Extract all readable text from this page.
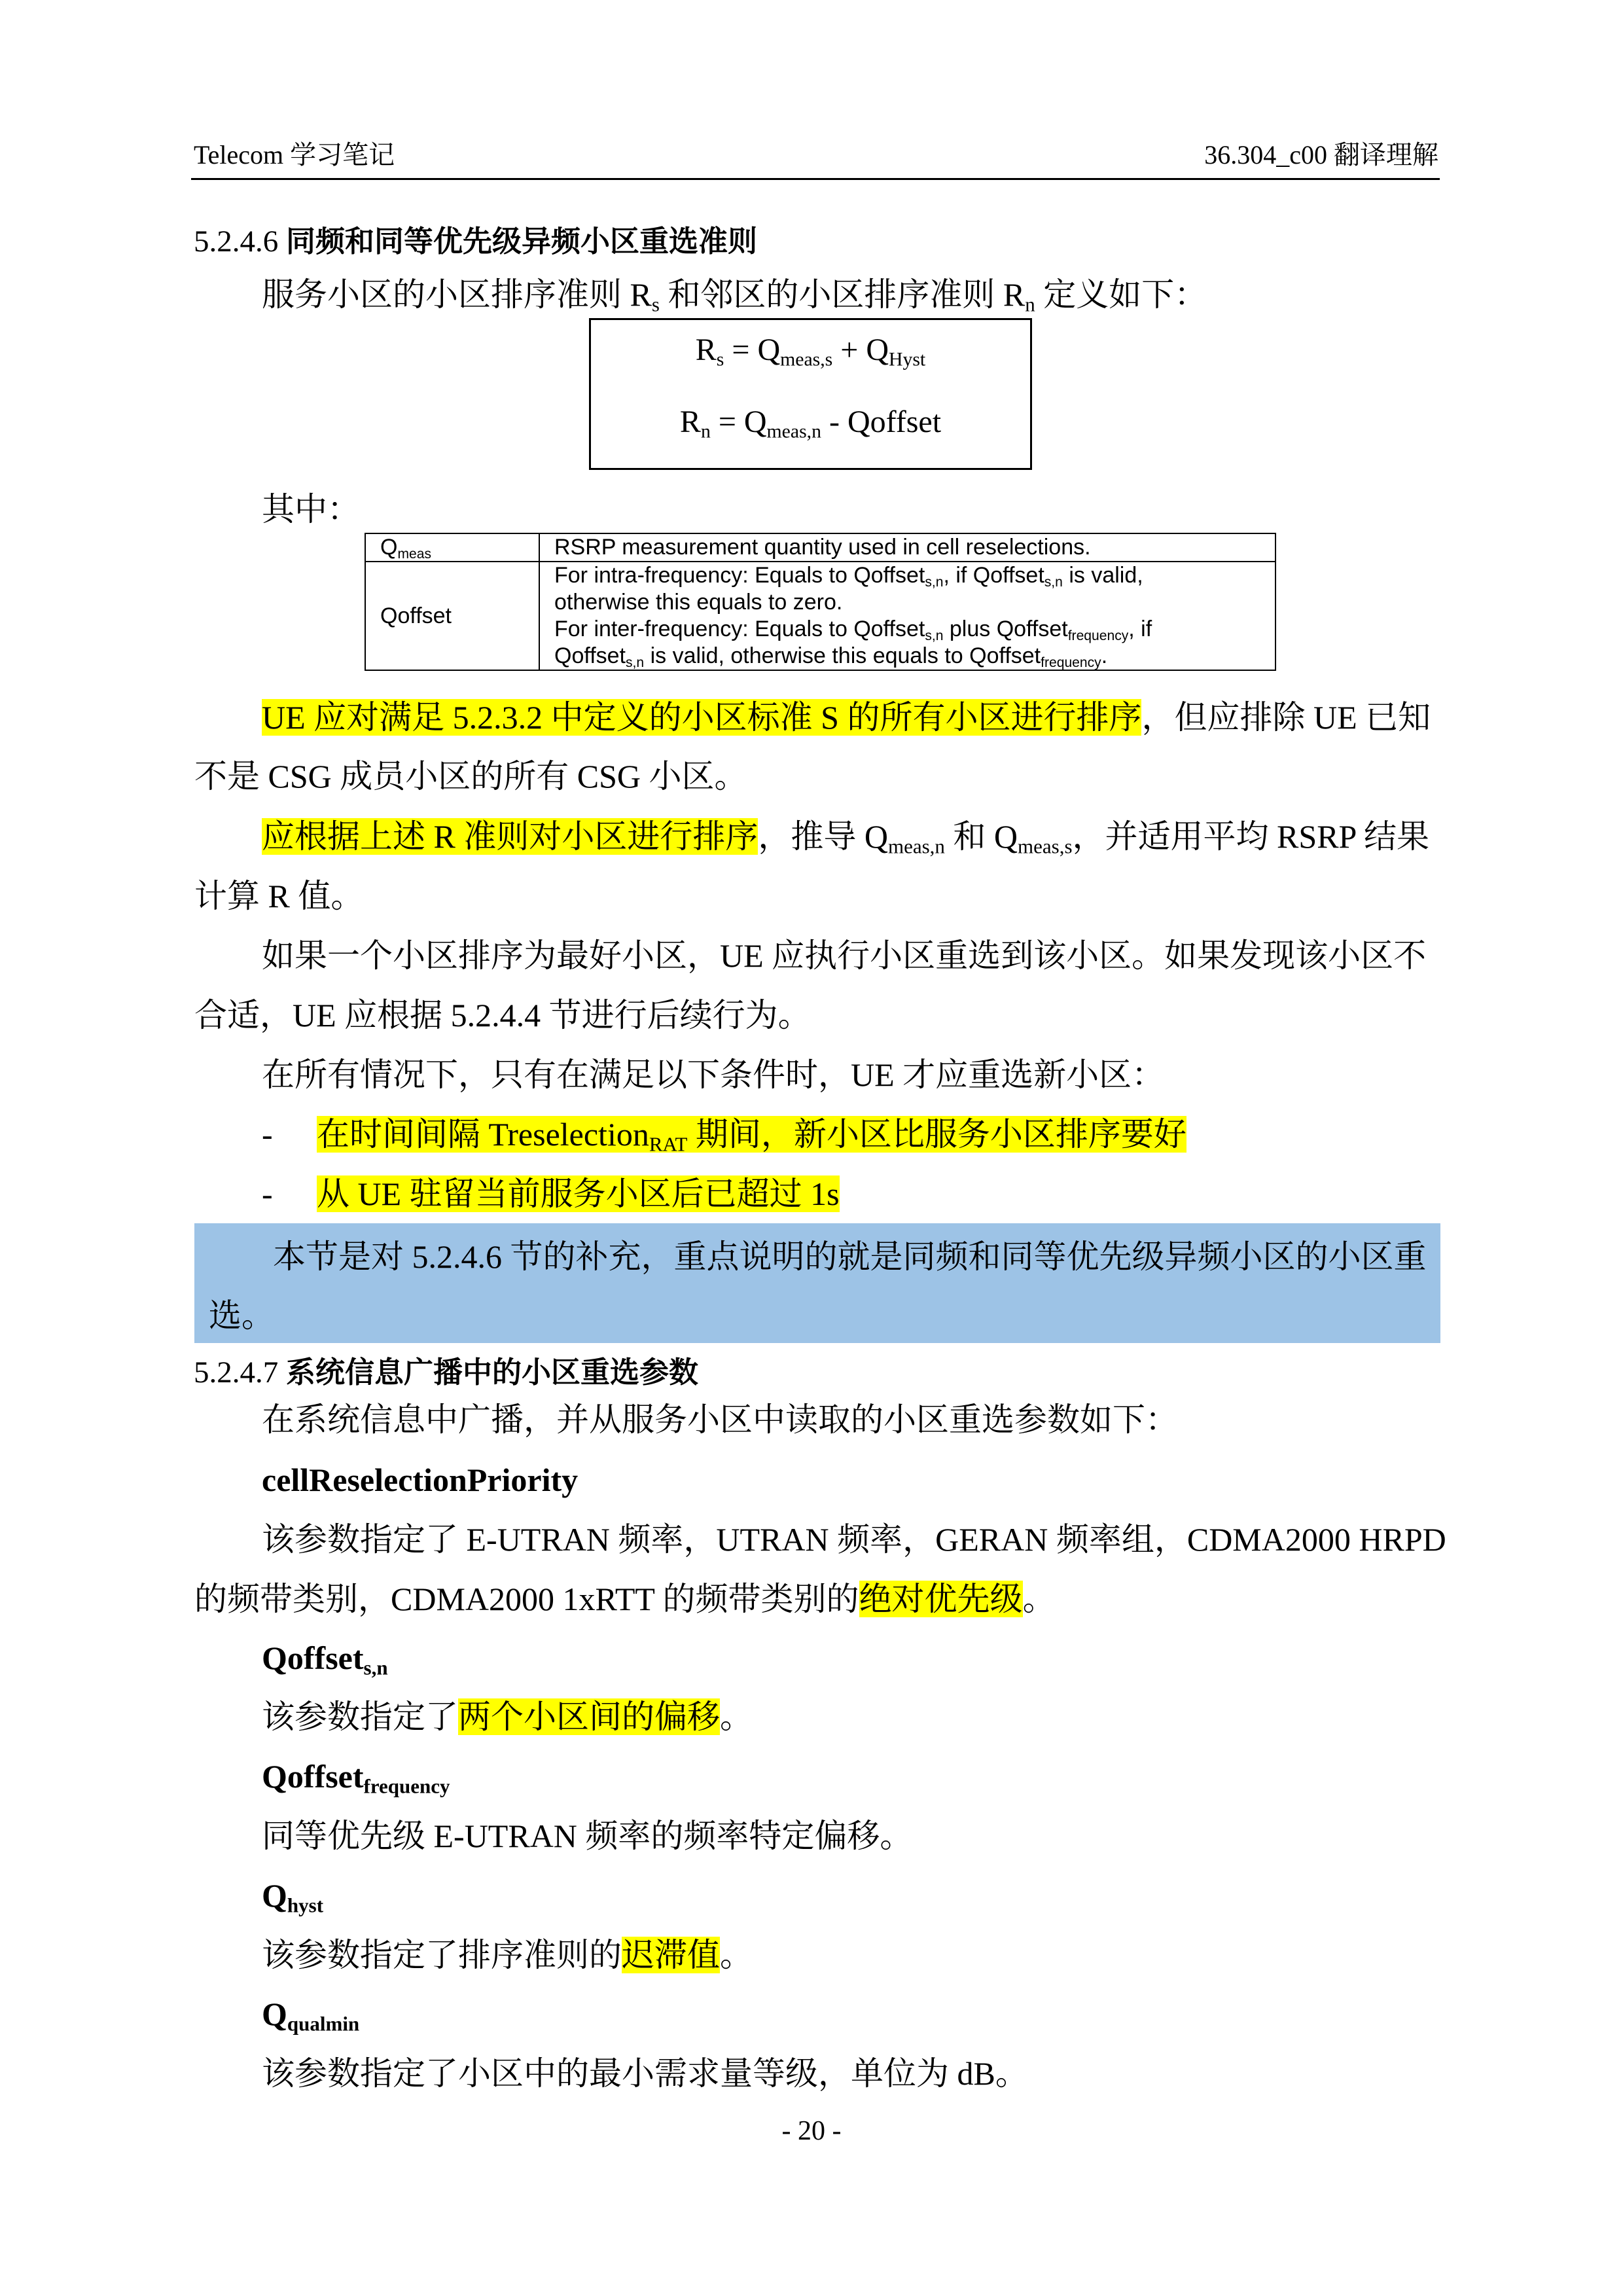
Telecom 学习笔记	36.304_c00 翻译理解
5.2.4.6 同频和同等优先级异频小区重选准则
服务小区的小区排序准则 $R_s$ 和邻区的小区排序准则 $R_n$ 定义如下：
$R_s = Q_{meas,s} + Q_{Hyst}$
$R_n = Q_{meas,n}$ - Qoffset
其中：
$Q_{meas}$	RSRP measurement quantity used in cell reselections.
Qoffset	For intra-frequency: Equals to Qoffset$_{s,n}$, if Qoffset$_{s,n}$ is valid,
otherwise this equals to zero.
For inter-frequency: Equals to Qoffset$_{s,n}$ plus Qoffset$_{frequency}$, if
Qoffset$_{s,n}$ is valid, otherwise this equals to Qoffset$_{frequency}$.
UE 应对满足 5.2.3.2 中定义的小区标准 S 的所有小区进行排序，但应排除 UE 已知
不是 CSG 成员小区的所有 CSG 小区。
应根据上述 R 准则对小区进行排序，推导 $Q_{meas,n}$ 和 $Q_{meas,s}$，并适用平均 RSRP 结果
计算 R 值。
如果一个小区排序为最好小区，UE 应执行小区重选到该小区。如果发现该小区不
合适，UE 应根据 5.2.4.4 节进行后续行为。
在所有情况下，只有在满足以下条件时，UE 才应重选新小区：
- 在时间间隔 Treselection$_{RAT}$ 期间，新小区比服务小区排序要好
- 从 UE 驻留当前服务小区后已超过 1s
本节是对 5.2.4.6 节的补充，重点说明的就是同频和同等优先级异频小区的小区重
选。
5.2.4.7 系统信息广播中的小区重选参数
在系统信息中广播，并从服务小区中读取的小区重选参数如下：
cellReselectionPriority
该参数指定了 E-UTRAN 频率，UTRAN 频率，GERAN 频率组，CDMA2000 HRPD
的频带类别，CDMA2000 1xRTT 的频带类别的绝对优先级。
Qoffset$_{s,n}$
该参数指定了两个小区间的偏移。
Qoffset$_{frequency}$
同等优先级 E-UTRAN 频率的频率特定偏移。
$Q_{hyst}$
该参数指定了排序准则的迟滞值。
$Q_{qualmin}$
该参数指定了小区中的最小需求量等级，单位为 dB。
- 20 -
